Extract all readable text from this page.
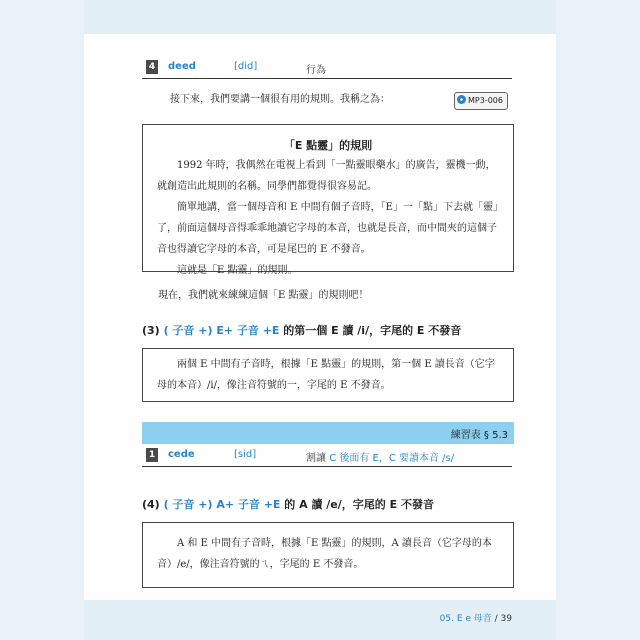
4 deed	[did]	行為
接下來，我們要講一個很有用的規則。我稱之為：	MP3-006
「E 點靈」的規則

1992 年時，我偶然在電視上看到「一點靈眼藥水」的廣告，靈機一動，就創造出此規則的名稱。同學們都覺得很容易記。

簡單地講，當一個母音和 E 中間有個子音時，「E」一「點」下去就「靈」了，前面這個母音得乖乖地讀它字母的本音，也就是長音，而中間夾的這個子音也得讀它字母的本音，可是尾巴的 E 不發音。

這就是「E 點靈」的規則。

現在，我們就來練練這個「E 點靈」的規則吧！
(3) ( 子音 +) E+ 子音 +E 的第一個 E 讀 /i/，字尾的 E 不發音

兩個 E 中間有子音時，根據「E 點靈」的規則，第一個 E 讀長音（它字母的本音）/i/，像注音符號的一，字尾的 E 不發音。

練習表 § 5.3
1 cede	[sid]	割讓 C 後面有 E，C 要讀本音 /s/
(4) ( 子音 +) A+ 子音 +E 的 A 讀 /e/，字尾的 E 不發音

A 和 E 中間有子音時，根據「E 點靈」的規則，A 讀長音（它字母的本音）/e/，像注音符號的ㄟ，字尾的 E 不發音。

05. E e 母音 / 39
